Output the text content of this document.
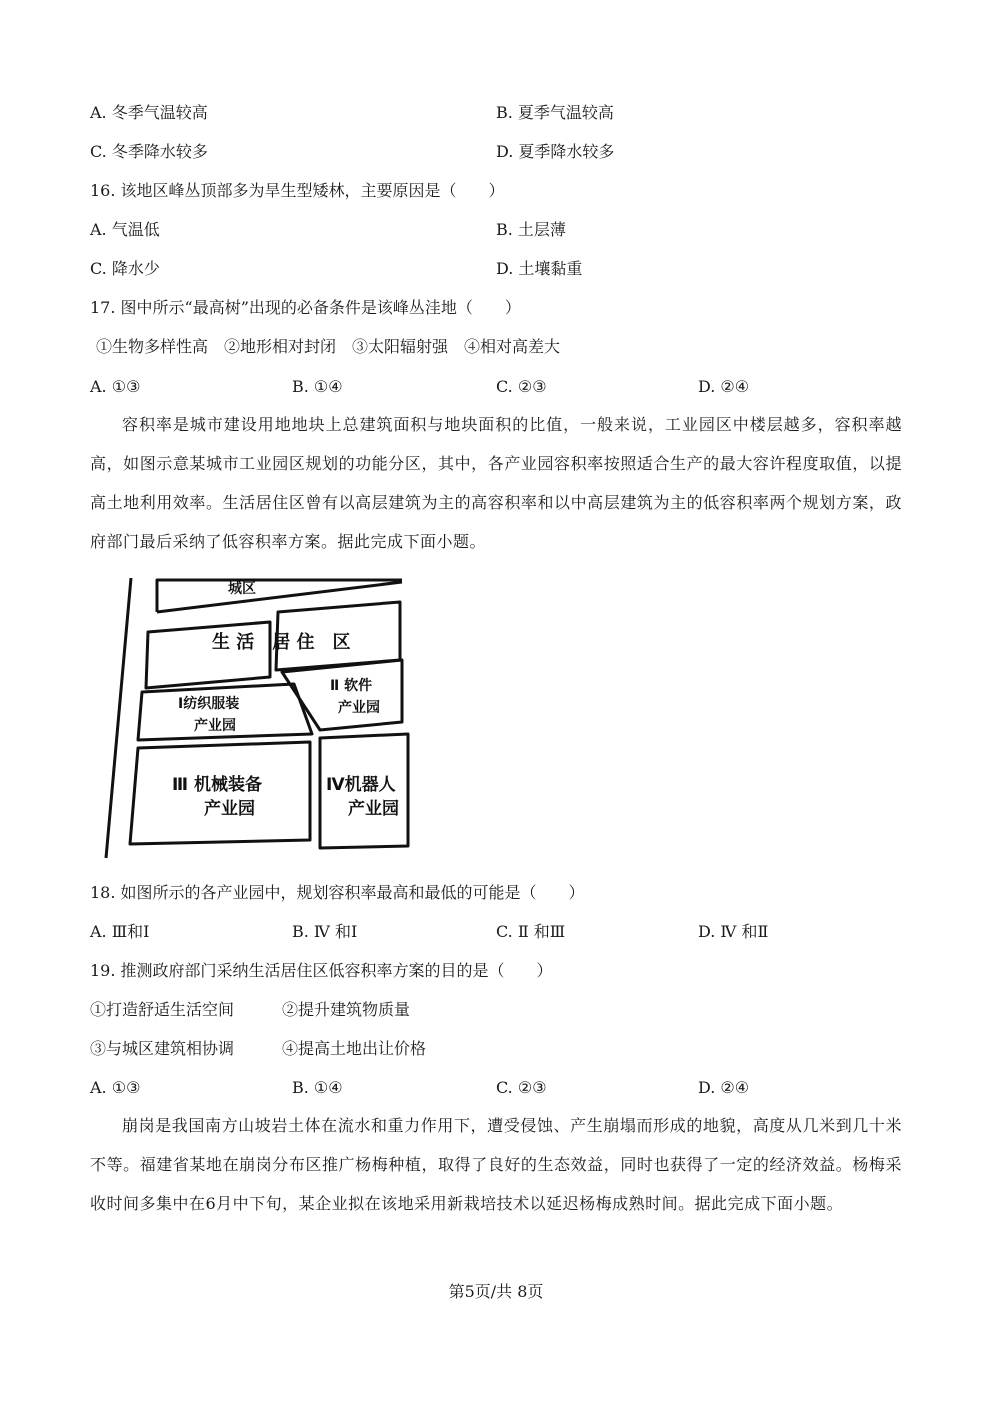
A. 冬季气温较高	B. 夏季气温较高
C. 冬季降水较多	D. 夏季降水较多
16. 该地区峰丛顶部多为旱生型矮林，主要原因是（　　）
A. 气温低	B. 土层薄
C. 降水少	D. 土壤黏重
17. 图中所示“最高树”出现的必备条件是该峰丛洼地（　　）
①生物多样性高　②地形相对封闭　③太阳辐射强　④相对高差大
A. ①③	B. ①④	C. ②③	D. ②④

容积率是城市建设用地地块上总建筑面积与地块面积的比值，一般来说，工业园区中楼层越多，容积率越高，如图示意某城市工业园区规划的功能分区，其中，各产业园容积率按照适合生产的最大容许程度取值，以提高土地利用效率。生活居住区曾有以高层建筑为主的高容积率和以中高层建筑为主的低容积率两个规划方案，政府部门最后采纳了低容积率方案。据此完成下面小题。

城区
生 活　居 住　区
Ⅰ纺织服装
产业园
Ⅱ 软件
产业园
Ⅲ 机械装备
产业园
Ⅳ机器人
产业园
18. 如图所示的各产业园中，规划容积率最高和最低的可能是（　　）
A. Ⅲ和Ⅰ	B. Ⅳ 和Ⅰ	C. Ⅱ 和Ⅲ	D. Ⅳ 和Ⅱ
19. 推测政府部门采纳生活居住区低容积率方案的目的是（　　）
①打造舒适生活空间	②提升建筑物质量
③与城区建筑相协调	④提高土地出让价格
A. ①③	B. ①④	C. ②③	D. ②④

崩岗是我国南方山坡岩土体在流水和重力作用下，遭受侵蚀、产生崩塌而形成的地貌，高度从几米到几十米不等。福建省某地在崩岗分布区推广杨梅种植，取得了良好的生态效益，同时也获得了一定的经济效益。杨梅采收时间多集中在6月中下旬，某企业拟在该地采用新栽培技术以延迟杨梅成熟时间。据此完成下面小题。

第5页/共 8页
